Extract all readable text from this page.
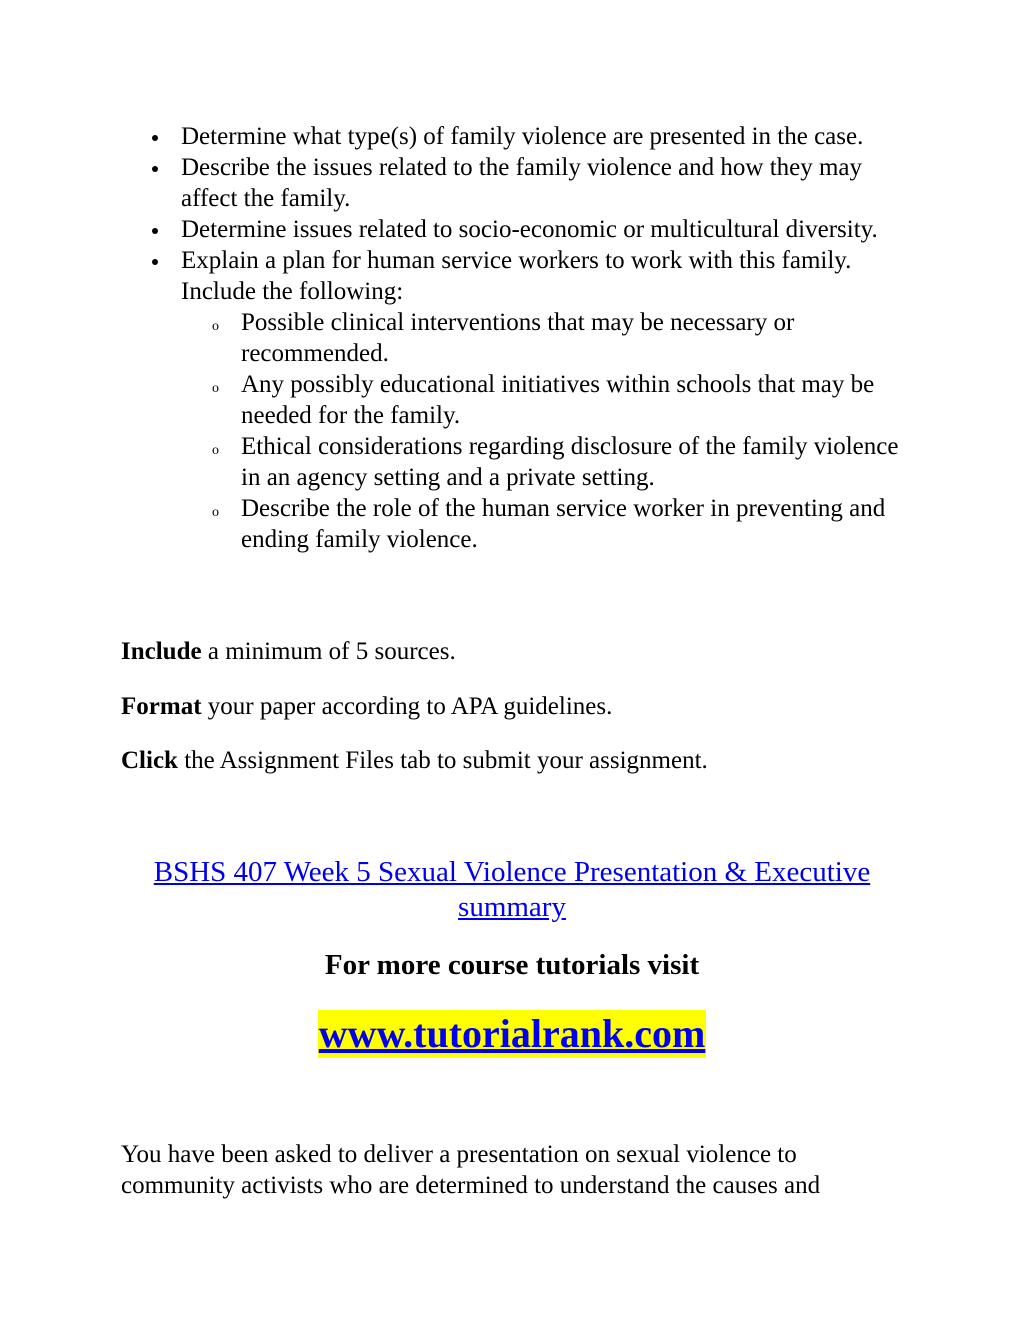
Determine what type(s) of family violence are presented in the case.
Describe the issues related to the family violence and how they may affect the family.
Determine issues related to socio-economic or multicultural diversity.
Explain a plan for human service workers to work with this family. Include the following:
o Possible clinical interventions that may be necessary or recommended.
o Any possibly educational initiatives within schools that may be needed for the family.
o Ethical considerations regarding disclosure of the family violence in an agency setting and a private setting.
o Describe the role of the human service worker in preventing and ending family violence.

Include a minimum of 5 sources.

Format your paper according to APA guidelines.

Click the Assignment Files tab to submit your assignment.

BSHS 407 Week 5 Sexual Violence Presentation & Executive summary

For more course tutorials visit

www.tutorialrank.com

You have been asked to deliver a presentation on sexual violence to community activists who are determined to understand the causes and
